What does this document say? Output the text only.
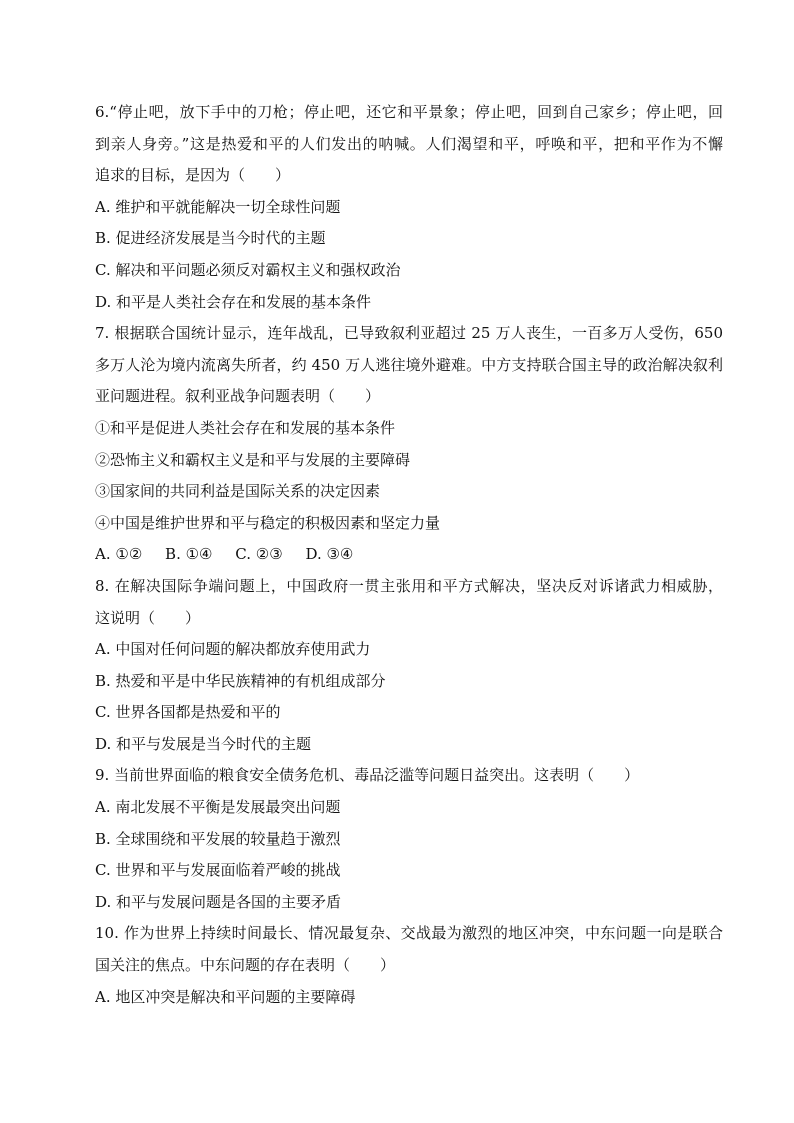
6.“停止吧，放下手中的刀枪；停止吧，还它和平景象；停止吧，回到自己家乡；停止吧，回
到亲人身旁。”这是热爱和平的人们发出的呐喊。人们渴望和平，呼唤和平，把和平作为不懈
追求的目标，是因为（　　）
A. 维护和平就能解决一切全球性问题
B. 促进经济发展是当今时代的主题
C. 解决和平问题必须反对霸权主义和强权政治
D. 和平是人类社会存在和发展的基本条件
7. 根据联合国统计显示，连年战乱，已导致叙利亚超过 25 万人丧生，一百多万人受伤，650
多万人沦为境内流离失所者，约 450 万人逃往境外避难。中方支持联合国主导的政治解决叙利
亚问题进程。叙利亚战争问题表明（　　）
①和平是促进人类社会存在和发展的基本条件
②恐怖主义和霸权主义是和平与发展的主要障碍
③国家间的共同利益是国际关系的决定因素
④中国是维护世界和平与稳定的积极因素和坚定力量
A. ①② B. ①④ C. ②③ D. ③④
8. 在解决国际争端问题上，中国政府一贯主张用和平方式解决，坚决反对诉诸武力相威胁，
这说明（　　）
A. 中国对任何问题的解决都放弃使用武力
B. 热爱和平是中华民族精神的有机组成部分
C. 世界各国都是热爱和平的
D. 和平与发展是当今时代的主题
9. 当前世界面临的粮食安全债务危机、毒品泛滥等问题日益突出。这表明（　　）
A. 南北发展不平衡是发展最突出问题
B. 全球围绕和平发展的较量趋于激烈
C. 世界和平与发展面临着严峻的挑战
D. 和平与发展问题是各国的主要矛盾
10. 作为世界上持续时间最长、情况最复杂、交战最为激烈的地区冲突，中东问题一向是联合
国关注的焦点。中东问题的存在表明（　　）
A. 地区冲突是解决和平问题的主要障碍
